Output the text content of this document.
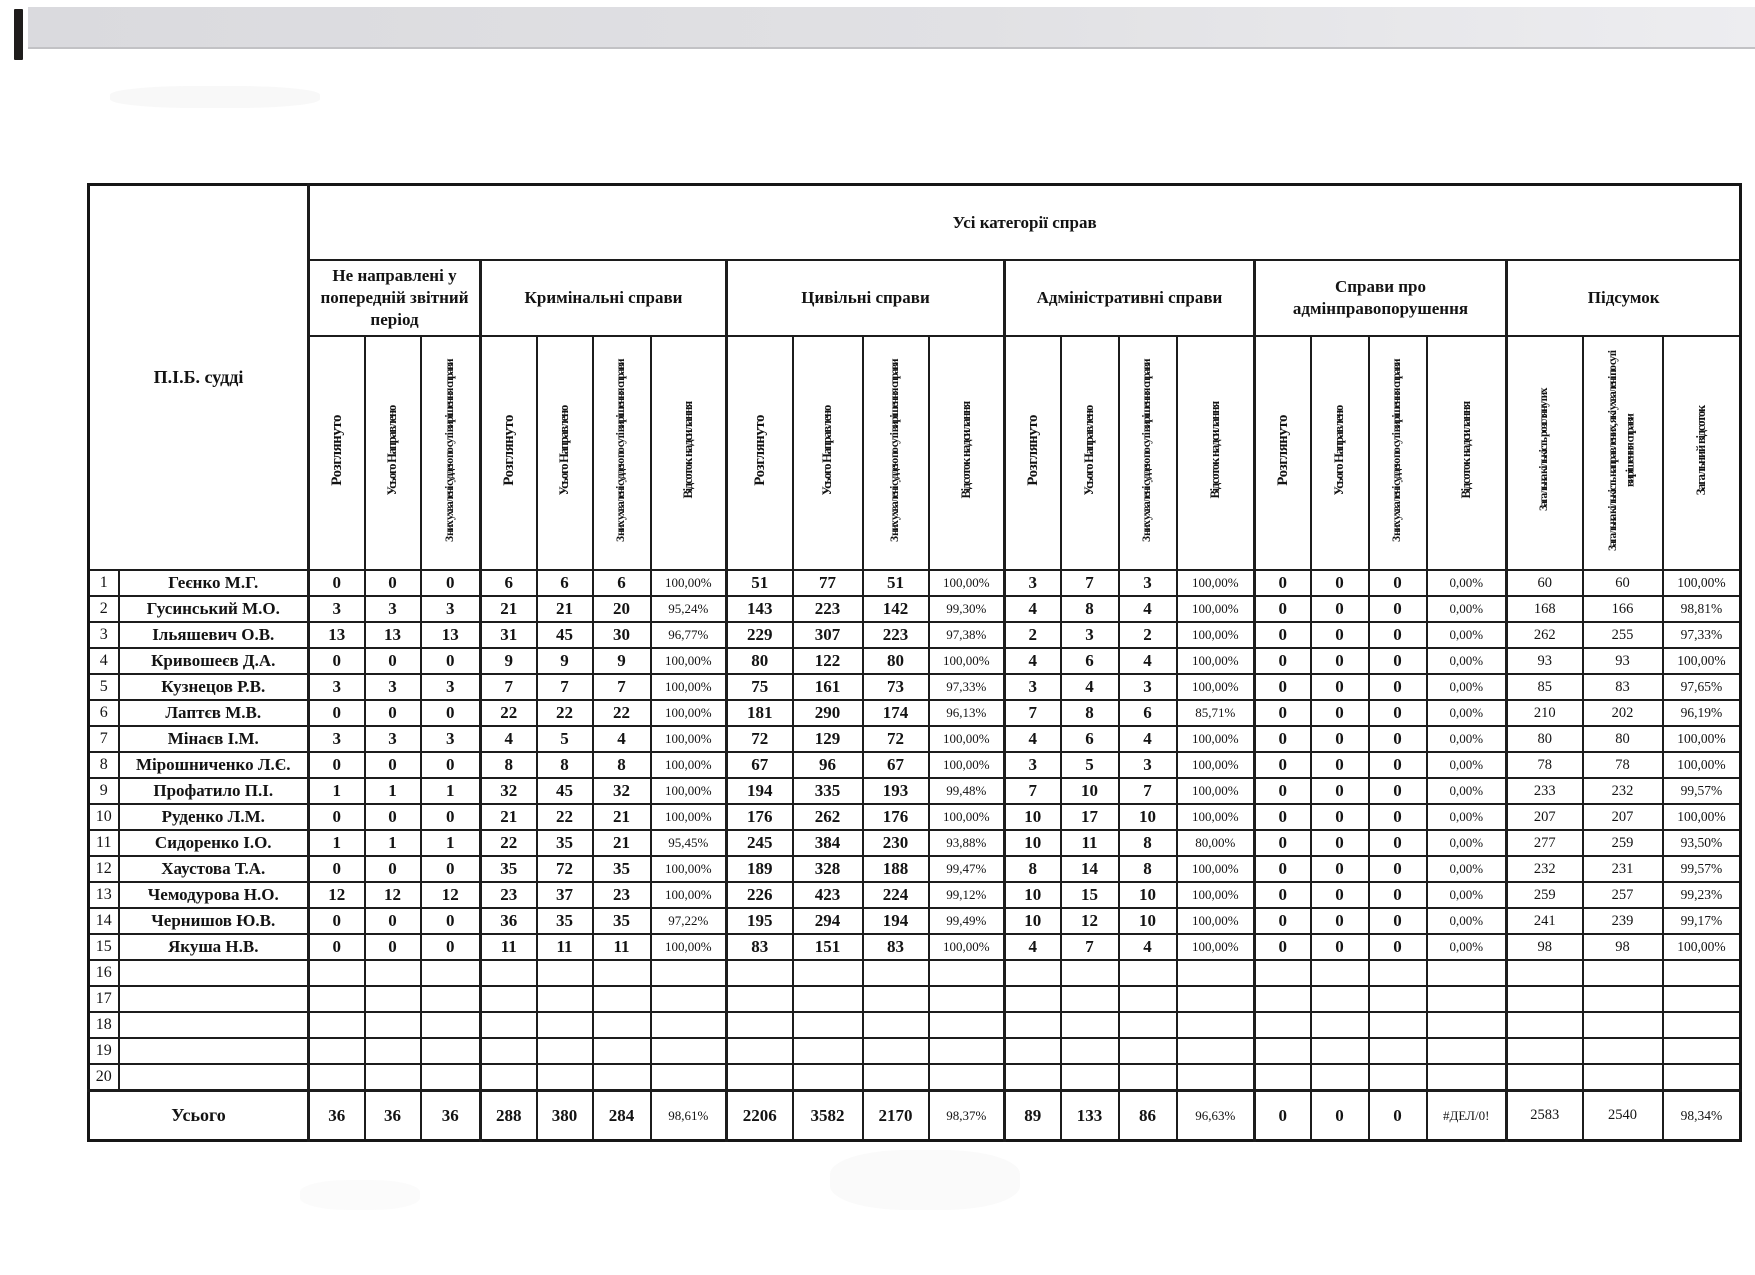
П.І.Б. судді		Усі категорії справ																					
		Не направлені у попередній звітний період			Кримінальні справи				Цивільні справи				Адміністративні справи				Справи про адмінправопорушення				Підсумок		
		Розглянуто	Усього Направлено	З них ухвалені суддею по суті вирішення справи	Розглянуто	Усього Направлено	З них ухвалені суддею по суті вирішення справи	Відсоток надсилання	Розглянуто	Усього Направлено	З них ухвалені суддею по суті вирішення справи	Відсоток надсилання	Розглянуто	Усього Направлено	З них ухвалені суддею по суті вирішення справи	Відсоток надсилання	Розглянуто	Усього Направлено	З них ухвалені суддею по суті вирішення справи	Відсоток надсилання	Загальна кількість розглянутих	Загальна кількість направлених, які ухвалені по суті вирішення справи	Загальний відсоток
1	Геєнко М.Г.	0	0	0	6	6	6	100,00%	51	77	51	100,00%	3	7	3	100,00%	0	0	0	0,00%	60	60	100,00%
2	Гусинський М.О.	3	3	3	21	21	20	95,24%	143	223	142	99,30%	4	8	4	100,00%	0	0	0	0,00%	168	166	98,81%
3	Ільяшевич О.В.	13	13	13	31	45	30	96,77%	229	307	223	97,38%	2	3	2	100,00%	0	0	0	0,00%	262	255	97,33%
4	Кривошеєв Д.А.	0	0	0	9	9	9	100,00%	80	122	80	100,00%	4	6	4	100,00%	0	0	0	0,00%	93	93	100,00%
5	Кузнецов Р.В.	3	3	3	7	7	7	100,00%	75	161	73	97,33%	3	4	3	100,00%	0	0	0	0,00%	85	83	97,65%
6	Лаптєв М.В.	0	0	0	22	22	22	100,00%	181	290	174	96,13%	7	8	6	85,71%	0	0	0	0,00%	210	202	96,19%
7	Мінаєв І.М.	3	3	3	4	5	4	100,00%	72	129	72	100,00%	4	6	4	100,00%	0	0	0	0,00%	80	80	100,00%
8	Мірошниченко Л.Є.	0	0	0	8	8	8	100,00%	67	96	67	100,00%	3	5	3	100,00%	0	0	0	0,00%	78	78	100,00%
9	Профатило П.І.	1	1	1	32	45	32	100,00%	194	335	193	99,48%	7	10	7	100,00%	0	0	0	0,00%	233	232	99,57%
10	Руденко Л.М.	0	0	0	21	22	21	100,00%	176	262	176	100,00%	10	17	10	100,00%	0	0	0	0,00%	207	207	100,00%
11	Сидоренко І.О.	1	1	1	22	35	21	95,45%	245	384	230	93,88%	10	11	8	80,00%	0	0	0	0,00%	277	259	93,50%
12	Хаустова Т.А.	0	0	0	35	72	35	100,00%	189	328	188	99,47%	8	14	8	100,00%	0	0	0	0,00%	232	231	99,57%
13	Чемодурова Н.О.	12	12	12	23	37	23	100,00%	226	423	224	99,12%	10	15	10	100,00%	0	0	0	0,00%	259	257	99,23%
14	Чернишов Ю.В.	0	0	0	36	35	35	97,22%	195	294	194	99,49%	10	12	10	100,00%	0	0	0	0,00%	241	239	99,17%
15	Якуша Н.В.	0	0	0	11	11	11	100,00%	83	151	83	100,00%	4	7	4	100,00%	0	0	0	0,00%	98	98	100,00%
16																							
17																							
18																							
19																							
20																							
Усього		36	36	36	288	380	284	98,61%	2206	3582	2170	98,37%	89	133	86	96,63%	0	0	0	#ДЕЛ/0!	2583	2540	98,34%
